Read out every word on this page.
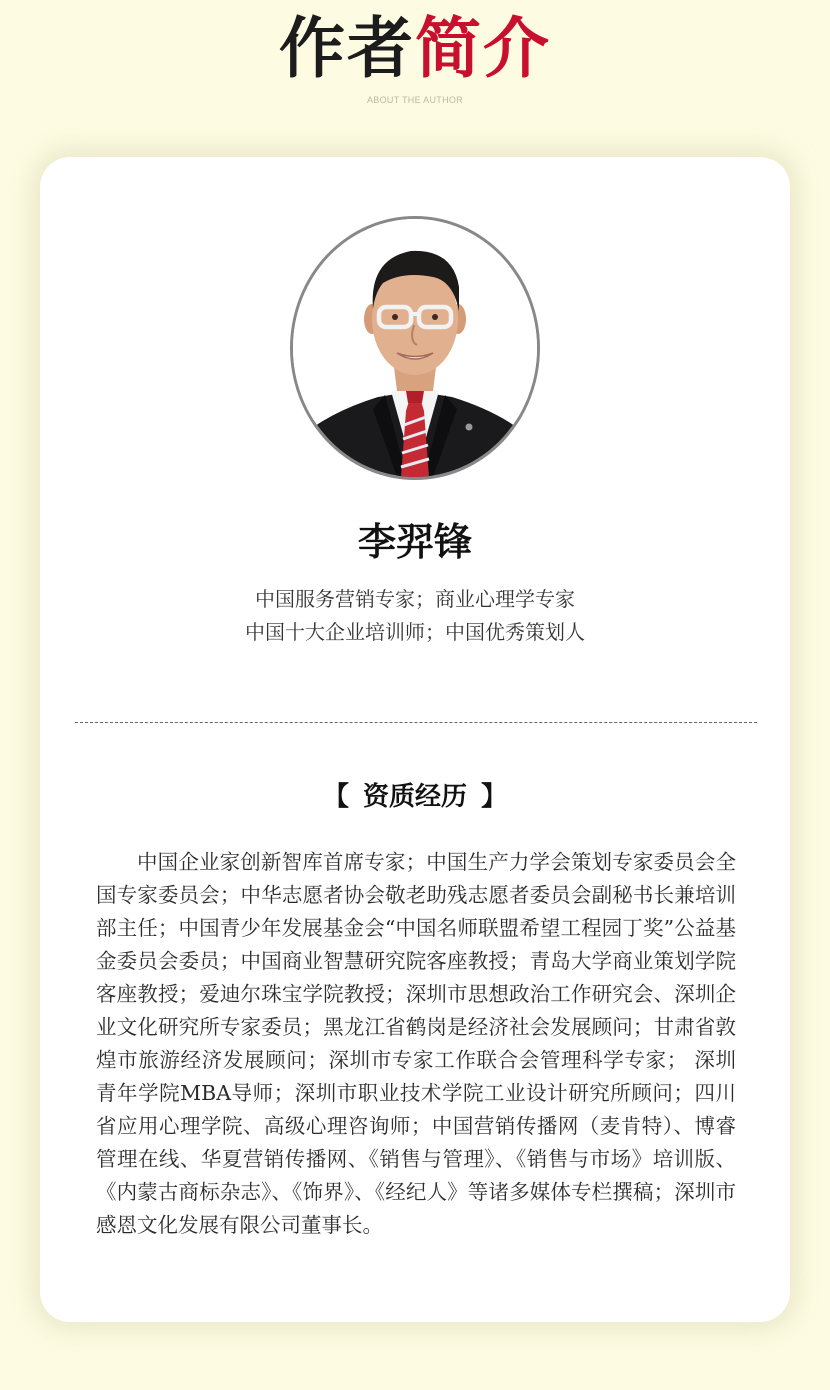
作者简介
ABOUT THE AUTHOR
李羿锋
中国服务营销专家；商业心理学专家
中国十大企业培训师；中国优秀策划人
【 资质经历 】

中国企业家创新智库首席专家；中国生产力学会策划专家委员会全国专家委员会；中华志愿者协会敬老助残志愿者委员会副秘书长兼培训部主任；中国青少年发展基金会“中国名师联盟希望工程园丁奖”公益基金委员会委员；中国商业智慧研究院客座教授；青岛大学商业策划学院客座教授；爱迪尔珠宝学院教授；深圳市思想政治工作研究会、深圳企业文化研究所专家委员；黑龙江省鹤岗是经济社会发展顾问；甘肃省敦煌市旅游经济发展顾问；深圳市专家工作联合会管理科学专家； 深圳青年学院MBA导师；深圳市职业技术学院工业设计研究所顾问；四川省应用心理学院、高级心理咨询师；中国营销传播网（麦肯特）、博睿管理在线、华夏营销传播网、《销售与管理》、《销售与市场》培训版、《内蒙古商标杂志》、《饰界》、《经纪人》等诸多媒体专栏撰稿；深圳市感恩文化发展有限公司董事长。
